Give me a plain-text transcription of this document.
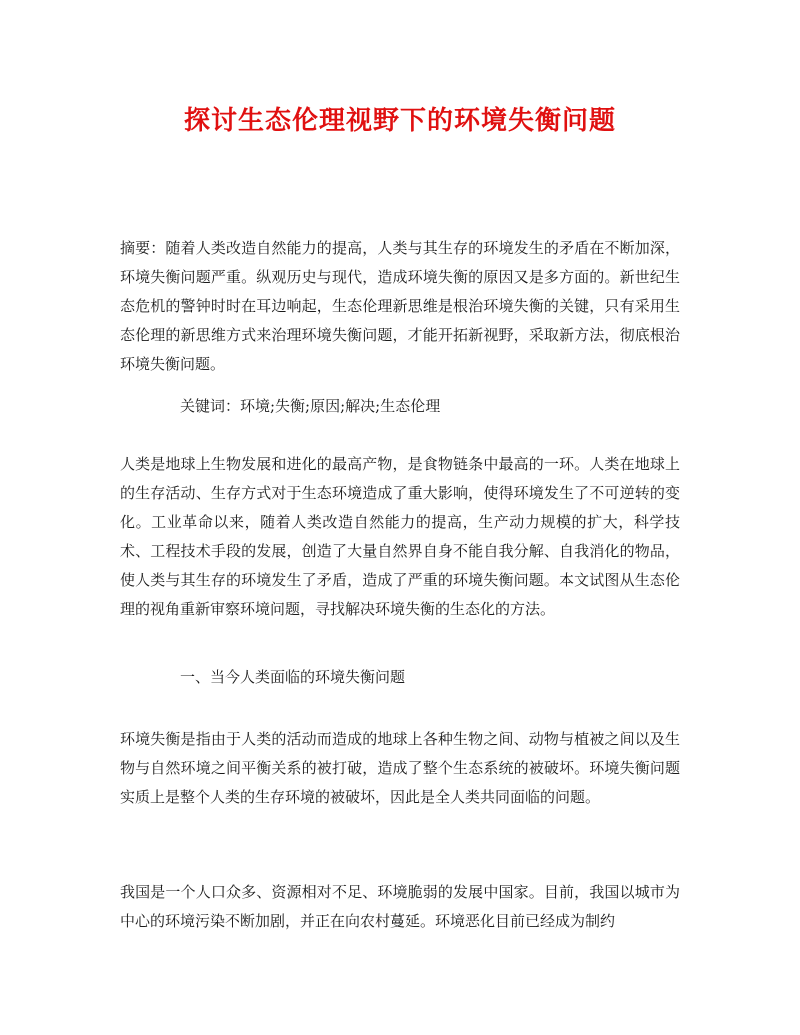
探讨生态伦理视野下的环境失衡问题

摘要：随着人类改造自然能力的提高，人类与其生存的环境发生的矛盾在不断加深，环境失衡问题严重。纵观历史与现代，造成环境失衡的原因又是多方面的。新世纪生态危机的警钟时时在耳边响起，生态伦理新思维是根治环境失衡的关键，只有采用生态伦理的新思维方式来治理环境失衡问题，才能开拓新视野，采取新方法，彻底根治环境失衡问题。

关键词：环境;失衡;原因;解决;生态伦理

人类是地球上生物发展和进化的最高产物，是食物链条中最高的一环。人类在地球上的生存活动、生存方式对于生态环境造成了重大影响，使得环境发生了不可逆转的变化。工业革命以来，随着人类改造自然能力的提高，生产动力规模的扩大，科学技术、工程技术手段的发展，创造了大量自然界自身不能自我分解、自我消化的物品，使人类与其生存的环境发生了矛盾，造成了严重的环境失衡问题。本文试图从生态伦理的视角重新审察环境问题，寻找解决环境失衡的生态化的方法。

一、当今人类面临的环境失衡问题

环境失衡是指由于人类的活动而造成的地球上各种生物之间、动物与植被之间以及生物与自然环境之间平衡关系的被打破，造成了整个生态系统的被破坏。环境失衡问题实质上是整个人类的生存环境的被破坏，因此是全人类共同面临的问题。

我国是一个人口众多、资源相对不足、环境脆弱的发展中国家。目前，我国以城市为中心的环境污染不断加剧，并正在向农村蔓延。环境恶化目前已经成为制约
